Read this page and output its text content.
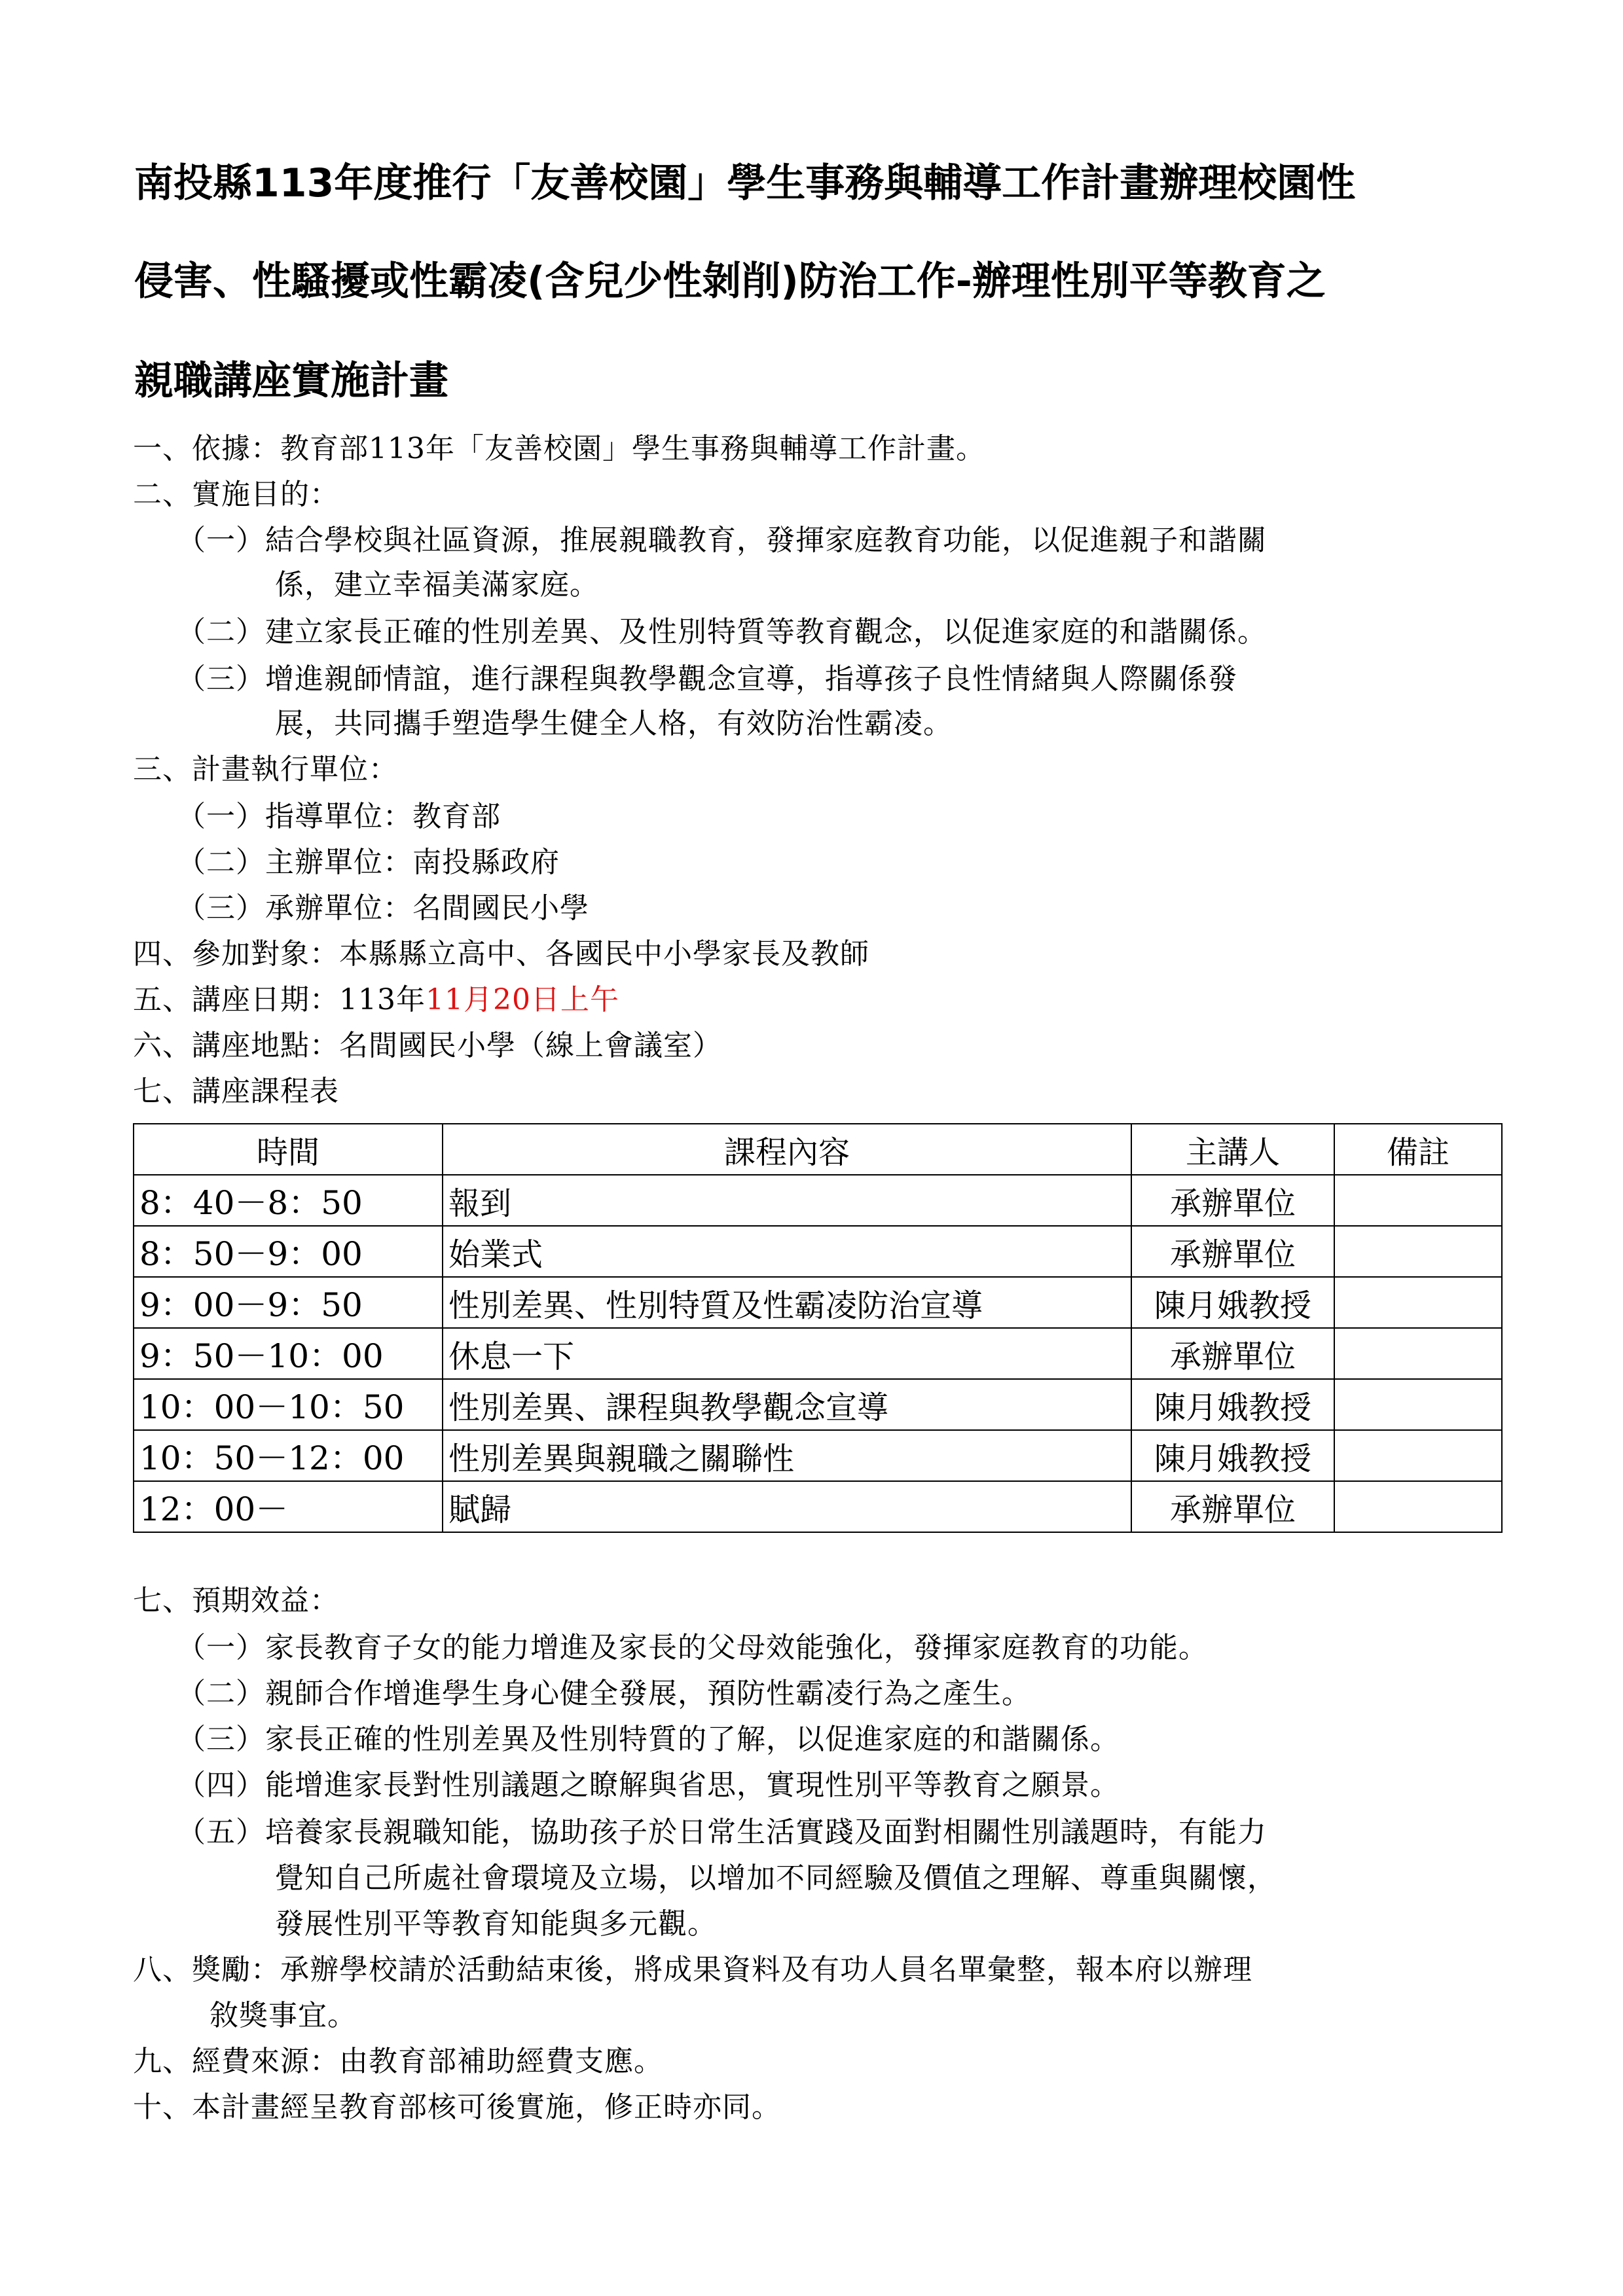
南投縣113年度推行「友善校園」學生事務與輔導工作計畫辦理校園性
侵害、性騷擾或性霸凌(含兒少性剝削)防治工作-辦理性別平等教育之
親職講座實施計畫
一、依據：教育部113年「友善校園」學生事務與輔導工作計畫。
二、實施目的：
（一）結合學校與社區資源，推展親職教育，發揮家庭教育功能，以促進親子和諧關
係，建立幸福美滿家庭。
（二）建立家長正確的性別差異、及性別特質等教育觀念，以促進家庭的和諧關係。
（三）增進親師情誼，進行課程與教學觀念宣導，指導孩子良性情緒與人際關係發
展，共同攜手塑造學生健全人格，有效防治性霸凌。
三、計畫執行單位：
（一）指導單位：教育部
（二）主辦單位：南投縣政府
（三）承辦單位：名間國民小學
四、參加對象：本縣縣立高中、各國民中小學家長及教師
五、講座日期：113年11月20日上午
六、講座地點：名間國民小學（線上會議室）
七、講座課程表
時間	課程內容	主講人	備註
8：40－8：50	報到	承辦單位	
8：50－9：00	始業式	承辦單位	
9：00－9：50	性別差異、性別特質及性霸凌防治宣導	陳月娥教授	
9：50－10：00	休息一下	承辦單位	
10：00－10：50	性別差異、課程與教學觀念宣導	陳月娥教授	
10：50－12：00	性別差異與親職之關聯性	陳月娥教授	
12：00－	賦歸	承辦單位	
七、預期效益：
（一）家長教育子女的能力增進及家長的父母效能強化，發揮家庭教育的功能。
（二）親師合作增進學生身心健全發展，預防性霸凌行為之產生。
（三）家長正確的性別差異及性別特質的了解，以促進家庭的和諧關係。
（四）能增進家長對性別議題之瞭解與省思，實現性別平等教育之願景。
（五）培養家長親職知能，協助孩子於日常生活實踐及面對相關性別議題時，有能力
覺知自己所處社會環境及立場，以增加不同經驗及價值之理解、尊重與關懷，
發展性別平等教育知能與多元觀。
八、獎勵：承辦學校請於活動結束後，將成果資料及有功人員名單彙整，報本府以辦理
敘獎事宜。
九、經費來源：由教育部補助經費支應。
十、本計畫經呈教育部核可後實施，修正時亦同。
